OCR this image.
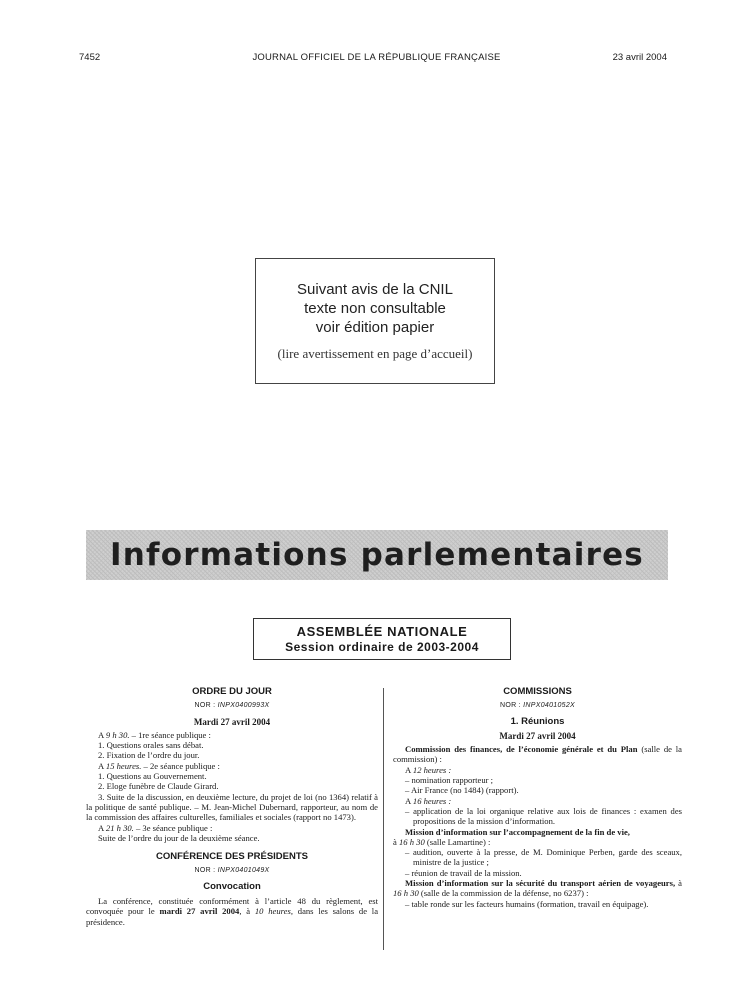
7452	JOURNAL OFFICIEL DE LA RÉPUBLIQUE FRANÇAISE	23 avril 2004
Suivant avis de la CNIL
texte non consultable
voir édition papier
(lire avertissement en page d’accueil)
Informations parlementaires
ASSEMBLÉE NATIONALE
Session ordinaire de 2003-2004
ORDRE DU JOUR
NOR : INPX0400993X
Mardi 27 avril 2004

A 9 h 30. – 1re séance publique :

1. Questions orales sans débat.

2. Fixation de l’ordre du jour.

A 15 heures. – 2e séance publique :

1. Questions au Gouvernement.

2. Eloge funèbre de Claude Girard.

3. Suite de la discussion, en deuxième lecture, du projet de loi (no 1364) relatif à la politique de santé publique. – M. Jean-Michel Dubernard, rapporteur, au nom de la commission des affaires culturelles, familiales et sociales (rapport no 1473).

A 21 h 30. – 3e séance publique :

Suite de l’ordre du jour de la deuxième séance.

CONFÉRENCE DES PRÉSIDENTS
NOR : INPX0401049X
Convocation

La conférence, constituée conformément à l’article 48 du règlement, est convoquée pour le mardi 27 avril 2004, à 10 heures, dans les salons de la présidence.

COMMISSIONS
NOR : INPX0401052X
1. Réunions
Mardi 27 avril 2004

Commission des finances, de l’économie générale et du Plan (salle de la commission) :

A 12 heures :

– nomination rapporteur ;

– Air France (no 1484) (rapport).

A 16 heures :

– application de la loi organique relative aux lois de finances : examen des propositions de la mission d’information.

Mission d’information sur l’accompagnement de la fin de vie,

à 16 h 30 (salle Lamartine) :

– audition, ouverte à la presse, de M. Dominique Perben, garde des sceaux, ministre de la justice ;

– réunion de travail de la mission.

Mission d’information sur la sécurité du transport aérien de voyageurs, à 16 h 30 (salle de la commission de la défense, no 6237) :

– table ronde sur les facteurs humains (formation, travail en équipage).
